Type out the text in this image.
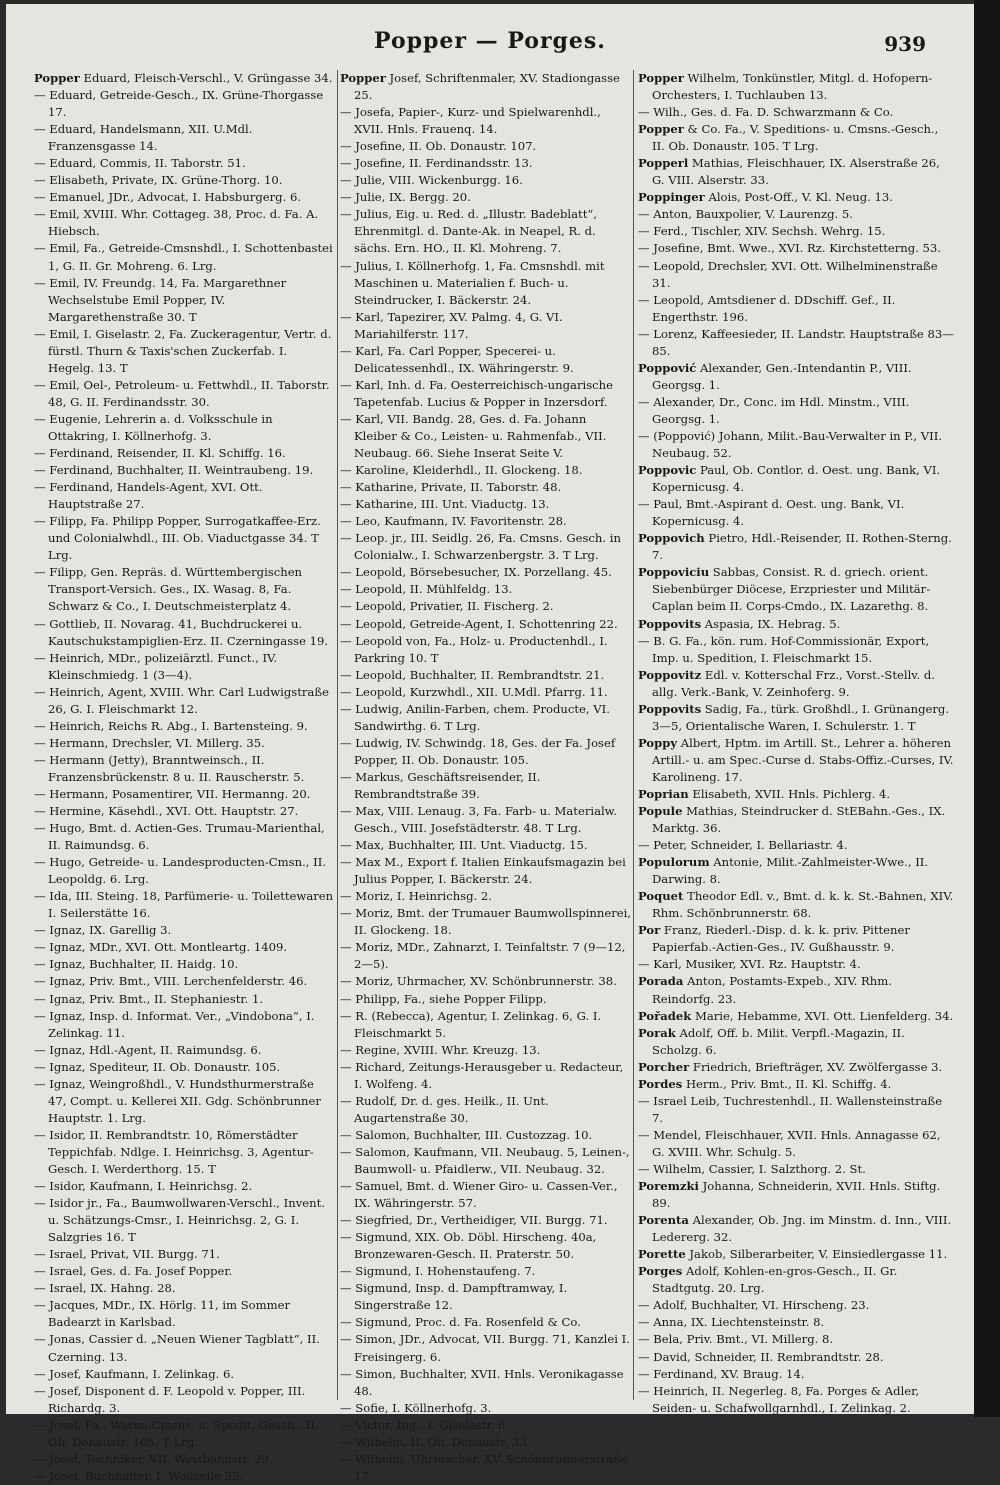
Popper — Porges.	939

Popper Eduard, Fleisch-Verschl., V. Grüngasse 34.

— Eduard, Getreide-Gesch., IX. Grüne-Thorgasse 17.

— Eduard, Handelsmann, XII. U.Mdl. Franzensgasse 14.

— Eduard, Commis, II. Taborstr. 51.

— Elisabeth, Private, IX. Grüne-Thorg. 10.

— Emanuel, JDr., Advocat, I. Habsburgerg. 6.

— Emil, XVIII. Whr. Cottageg. 38, Proc. d. Fa. A. Hiebsch.

— Emil, Fa., Getreide-Cmsnshdl., I. Schottenbastei 1, G. II. Gr. Mohreng. 6. Lrg.

— Emil, IV. Freundg. 14, Fa. Margarethner Wechselstube Emil Popper, IV. Margarethenstraße 30. T

— Emil, I. Giselastr. 2, Fa. Zuckeragentur, Vertr. d. fürstl. Thurn & Taxis'schen Zuckerfab. I. Hegelg. 13. T

— Emil, Oel-, Petroleum- u. Fettwhdl., II. Taborstr. 48, G. II. Ferdinandsstr. 30.

— Eugenie, Lehrerin a. d. Volksschule in Ottakring, I. Köllnerhofg. 3.

— Ferdinand, Reisender, II. Kl. Schiffg. 16.

— Ferdinand, Buchhalter, II. Weintraubeng. 19.

— Ferdinand, Handels-Agent, XVI. Ott. Hauptstraße 27.

— Filipp, Fa. Philipp Popper, Surrogatkaffee-Erz. und Colonialwhdl., III. Ob. Viaductgasse 34. T Lrg.

— Filipp, Gen. Repräs. d. Württembergischen Transport-Versich. Ges., IX. Wasag. 8, Fa. Schwarz & Co., I. Deutschmeisterplatz 4.

— Gottlieb, II. Novarag. 41, Buchdruckerei u. Kautschukstampiglien-Erz. II. Czerningasse 19.

— Heinrich, MDr., polizeiärztl. Funct., IV. Kleinschmiedg. 1 (3—4).

— Heinrich, Agent, XVIII. Whr. Carl Ludwigstraße 26, G. I. Fleischmarkt 12.

— Heinrich, Reichs R. Abg., I. Bartensteing. 9.

— Hermann, Drechsler, VI. Millerg. 35.

— Hermann (Jetty), Branntweinsch., II. Franzensbrückenstr. 8 u. II. Rauscherstr. 5.

— Hermann, Posamentirer, VII. Hermanng. 20.

— Hermine, Käsehdl., XVI. Ott. Hauptstr. 27.

— Hugo, Bmt. d. Actien-Ges. Trumau-Marienthal, II. Raimundsg. 6.

— Hugo, Getreide- u. Landesproducten-Cmsn., II. Leopoldg. 6. Lrg.

— Ida, III. Steing. 18, Parfümerie- u. Toilettewaren I. Seilerstätte 16.

— Ignaz, IX. Garellig 3.

— Ignaz, MDr., XVI. Ott. Montleartg. 1409.

— Ignaz, Buchhalter, II. Haidg. 10.

— Ignaz, Priv. Bmt., VIII. Lerchenfelderstr. 46.

— Ignaz, Priv. Bmt., II. Stephaniestr. 1.

— Ignaz, Insp. d. Informat. Ver., „Vindobona“, I. Zelinkag. 11.

— Ignaz, Hdl.-Agent, II. Raimundsg. 6.

— Ignaz, Spediteur, II. Ob. Donaustr. 105.

— Ignaz, Weingroßhdl., V. Hundsthurmerstraße 47, Compt. u. Kellerei XII. Gdg. Schönbrunner Hauptstr. 1. Lrg.

— Isidor, II. Rembrandtstr. 10, Römerstädter Teppichfab. Ndlge. I. Heinrichsg. 3, Agentur-Gesch. I. Werderthorg. 15. T

— Isidor, Kaufmann, I. Heinrichsg. 2.

— Isidor jr., Fa., Baumwollwaren-Verschl., Invent. u. Schätzungs-Cmsr., I. Heinrichsg. 2, G. I. Salzgries 16. T

— Israel, Privat, VII. Burgg. 71.

— Israel, Ges. d. Fa. Josef Popper.

— Israel, IX. Hahng. 28.

— Jacques, MDr., IX. Hörlg. 11, im Sommer Badearzt in Karlsbad.

— Jonas, Cassier d. „Neuen Wiener Tagblatt“, II. Czerning. 13.

— Josef, Kaufmann, I. Zelinkag. 6.

— Josef, Disponent d. F. Leopold v. Popper, III. Richardg. 3.

— Josef, Fa., Waren-Cmsns. u. Spedit. Gesch., II. Ob. Donaustr. 105. T Lrg.

— Josef, Techniker, VII. Westbahnstr. 29.

— Josef, Buchhalter, I. Wollzeile 35.

Popper Josef, Schriftenmaler, XV. Stadiongasse 25.

— Josefa, Papier-, Kurz- und Spielwarenhdl., XVII. Hnls. Frauenq. 14.

— Josefine, II. Ob. Donaustr. 107.

— Josefine, II. Ferdinandsstr. 13.

— Julie, VIII. Wickenburgg. 16.

— Julie, IX. Bergg. 20.

— Julius, Eig. u. Red. d. „Illustr. Badeblatt“, Ehrenmitgl. d. Dante-Ak. in Neapel, R. d. sächs. Ern. HO., II. Kl. Mohreng. 7.

— Julius, I. Köllnerhofg. 1, Fa. Cmsnshdl. mit Maschinen u. Materialien f. Buch- u. Steindrucker, I. Bäckerstr. 24.

— Karl, Tapezirer, XV. Palmg. 4, G. VI. Mariahilferstr. 117.

— Karl, Fa. Carl Popper, Specerei- u. Delicatessenhdl., IX. Währingerstr. 9.

— Karl, Inh. d. Fa. Oesterreichisch-ungarische Tapetenfab. Lucius & Popper in Inzersdorf.

— Karl, VII. Bandg. 28, Ges. d. Fa. Johann Kleiber & Co., Leisten- u. Rahmenfab., VII. Neubaug. 66. Siehe Inserat Seite V.

— Karoline, Kleiderhdl., II. Glockeng. 18.

— Katharine, Private, II. Taborstr. 48.

— Katharine, III. Unt. Viaductg. 13.

— Leo, Kaufmann, IV. Favoritenstr. 28.

— Leop. jr., III. Seidlg. 26, Fa. Cmsns. Gesch. in Colonialw., I. Schwarzenbergstr. 3. T Lrg.

— Leopold, Börsebesucher, IX. Porzellang. 45.

— Leopold, II. Mühlfeldg. 13.

— Leopold, Privatier, II. Fischerg. 2.

— Leopold, Getreide-Agent, I. Schottenring 22.

— Leopold von, Fa., Holz- u. Productenhdl., I. Parkring 10. T

— Leopold, Buchhalter, II. Rembrandtstr. 21.

— Leopold, Kurzwhdl., XII. U.Mdl. Pfarrg. 11.

— Ludwig, Anilin-Farben, chem. Producte, VI. Sandwirthg. 6. T Lrg.

— Ludwig, IV. Schwindg. 18, Ges. der Fa. Josef Popper, II. Ob. Donaustr. 105.

— Markus, Geschäftsreisender, II. Rembrandtstraße 39.

— Max, VIII. Lenaug. 3, Fa. Farb- u. Materialw. Gesch., VIII. Josefstädterstr. 48. T Lrg.

— Max, Buchhalter, III. Unt. Viaductg. 15.

— Max M., Export f. Italien Einkaufsmagazin bei Julius Popper, I. Bäckerstr. 24.

— Moriz, I. Heinrichsg. 2.

— Moriz, Bmt. der Trumauer Baumwollspinnerei, II. Glockeng. 18.

— Moriz, MDr., Zahnarzt, I. Teinfaltstr. 7 (9—12, 2—5).

— Moriz, Uhrmacher, XV. Schönbrunnerstr. 38.

— Philipp, Fa., siehe Popper Filipp.

— R. (Rebecca), Agentur, I. Zelinkag. 6, G. I. Fleischmarkt 5.

— Regine, XVIII. Whr. Kreuzg. 13.

— Richard, Zeitungs-Herausgeber u. Redacteur, I. Wolfeng. 4.

— Rudolf, Dr. d. ges. Heilk., II. Unt. Augartenstraße 30.

— Salomon, Buchhalter, III. Custozzag. 10.

— Salomon, Kaufmann, VII. Neubaug. 5, Leinen-, Baumwoll- u. Pfaidlerw., VII. Neubaug. 32.

— Samuel, Bmt. d. Wiener Giro- u. Cassen-Ver., IX. Währingerstr. 57.

— Siegfried, Dr., Vertheidiger, VII. Burgg. 71.

— Sigmund, XIX. Ob. Döbl. Hirscheng. 40a, Bronzewaren-Gesch. II. Praterstr. 50.

— Sigmund, I. Hohenstaufeng. 7.

— Sigmund, Insp. d. Dampftramway, I. Singerstraße 12.

— Sigmund, Proc. d. Fa. Rosenfeld & Co.

— Simon, JDr., Advocat, VII. Burgg. 71, Kanzlei I. Freisingerg. 6.

— Simon, Buchhalter, XVII. Hnls. Veronikagasse 48.

— Sofie, I. Köllnerhofg. 3.

— Victor, Ing., I. Giselastr. 6.

— Wilhelm, II. Ob. Donaustr. 33.

— Wilhelm, Uhrmacher, XV. Schönbrunnerstraße 17.

Popper Wilhelm, Tonkünstler, Mitgl. d. Hofopern-Orchesters, I. Tuchlauben 13.

— Wilh., Ges. d. Fa. D. Schwarzmann & Co.

Popper & Co. Fa., V. Speditions- u. Cmsns.-Gesch., II. Ob. Donaustr. 105. T Lrg.

Popperl Mathias, Fleischhauer, IX. Alserstraße 26, G. VIII. Alserstr. 33.

Poppinger Alois, Post-Off., V. Kl. Neug. 13.

— Anton, Bauxpolier, V. Laurenzg. 5.

— Ferd., Tischler, XIV. Sechsh. Wehrg. 15.

— Josefine, Bmt. Wwe., XVI. Rz. Kirchstetterng. 53.

— Leopold, Drechsler, XVI. Ott. Wilhelminenstraße 31.

— Leopold, Amtsdiener d. DDschiff. Gef., II. Engerthstr. 196.

— Lorenz, Kaffeesieder, II. Landstr. Hauptstraße 83—85.

Poppović Alexander, Gen.-Intendantin P., VIII. Georgsg. 1.

— Alexander, Dr., Conc. im Hdl. Minstm., VIII. Georgsg. 1.

— (Poppović) Johann, Milit.-Bau-Verwalter in P., VII. Neubaug. 52.

Poppovic Paul, Ob. Contlor. d. Oest. ung. Bank, VI. Kopernicusg. 4.

— Paul, Bmt.-Aspirant d. Oest. ung. Bank, VI. Kopernicusg. 4.

Poppovich Pietro, Hdl.-Reisender, II. Rothen-Sterng. 7.

Poppoviciu Sabbas, Consist. R. d. griech. orient. Siebenbürger Diöcese, Erzpriester und Militär-Caplan beim II. Corps-Cmdo., IX. Lazarethg. 8.

Poppovits Aspasia, IX. Hebrag. 5.

— B. G. Fa., kön. rum. Hof-Commissionär, Export, Imp. u. Spedition, I. Fleischmarkt 15.

Poppovitz Edl. v. Kotterschal Frz., Vorst.-Stellv. d. allg. Verk.-Bank, V. Zeinhoferg. 9.

Poppovits Sadig, Fa., türk. Großhdl., I. Grünangerg. 3—5, Orientalische Waren, I. Schulerstr. 1. T

Poppy Albert, Hptm. im Artill. St., Lehrer a. höheren Artill.- u. am Spec.-Curse d. Stabs-Offiz.-Curses, IV. Karolineng. 17.

Poprian Elisabeth, XVII. Hnls. Pichlerg. 4.

Popule Mathias, Steindrucker d. StEBahn.-Ges., IX. Marktg. 36.

— Peter, Schneider, I. Bellariastr. 4.

Populorum Antonie, Milit.-Zahlmeister-Wwe., II. Darwing. 8.

Poquet Theodor Edl. v., Bmt. d. k. k. St.-Bahnen, XIV. Rhm. Schönbrunnerstr. 68.

Por Franz, Riederl.-Disp. d. k. k. priv. Pittener Papierfab.-Actien-Ges., IV. Gußhausstr. 9.

— Karl, Musiker, XVI. Rz. Hauptstr. 4.

Porada Anton, Postamts-Expeb., XIV. Rhm. Reindorfg. 23.

Pořadek Marie, Hebamme, XVI. Ott. Lienfelderg. 34.

Porak Adolf, Off. b. Milit. Verpfl.-Magazin, II. Scholzg. 6.

Porcher Friedrich, Briefträger, XV. Zwölfergasse 3.

Pordes Herm., Priv. Bmt., II. Kl. Schiffg. 4.

— Israel Leib, Tuchrestenhdl., II. Wallensteinstraße 7.

— Mendel, Fleischhauer, XVII. Hnls. Annagasse 62, G. XVIII. Whr. Schulg. 5.

— Wilhelm, Cassier, I. Salzthorg. 2. St.

Poremzki Johanna, Schneiderin, XVII. Hnls. Stiftg. 89.

Porenta Alexander, Ob. Jng. im Minstm. d. Inn., VIII. Ledererg. 32.

Porette Jakob, Silberarbeiter, V. Einsiedlergasse 11.

Porges Adolf, Kohlen-en-gros-Gesch., II. Gr. Stadtgutg. 20. Lrg.

— Adolf, Buchhalter, VI. Hirscheng. 23.

— Anna, IX. Liechtensteinstr. 8.

— Bela, Priv. Bmt., VI. Millerg. 8.

— David, Schneider, II. Rembrandtstr. 28.

— Ferdinand, XV. Braug. 14.

— Heinrich, II. Negerleg. 8, Fa. Porges & Adler, Seiden- u. Schafwollgarnhdl., I. Zelinkag. 2.
